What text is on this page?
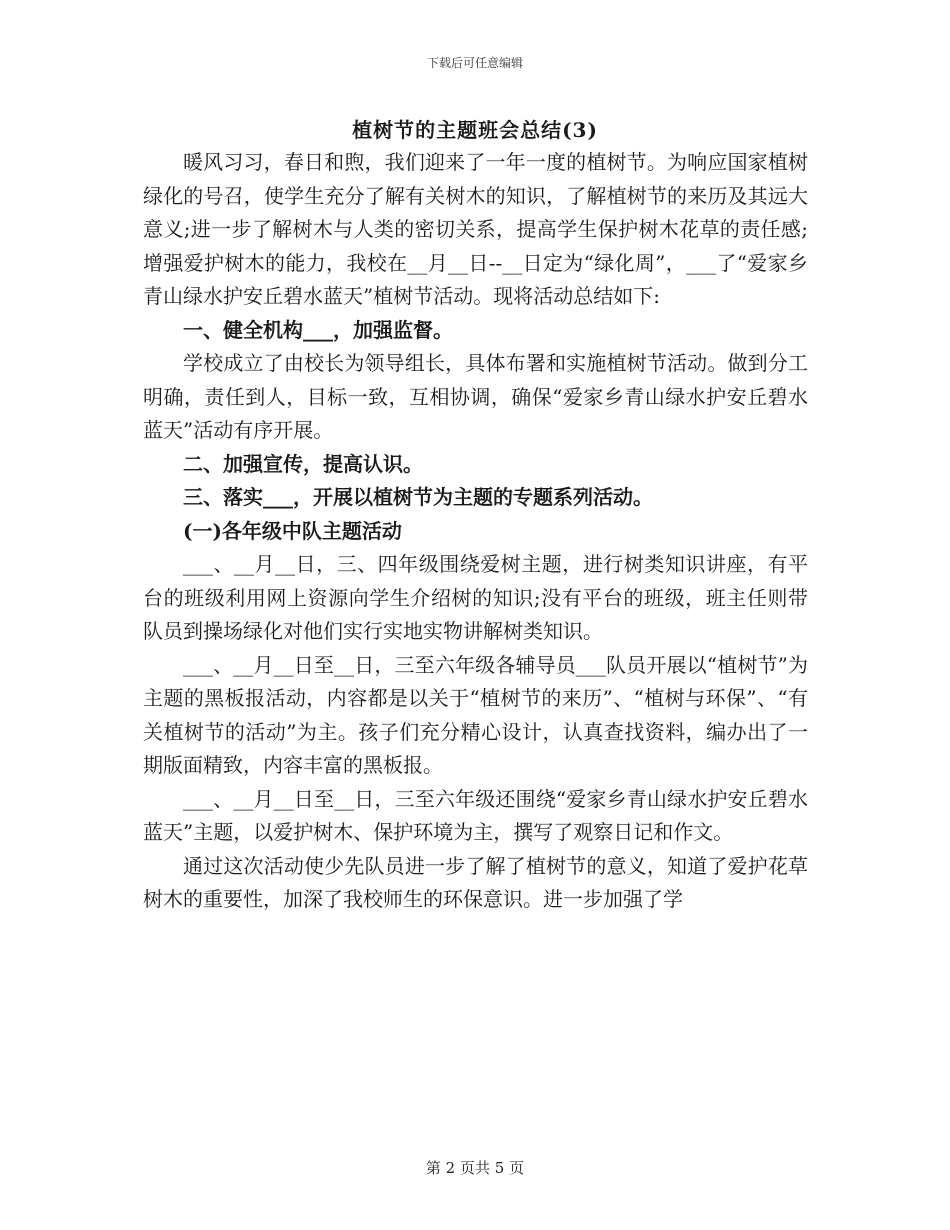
下载后可任意编辑
植树节的主题班会总结(3)

暖风习习，春日和煦，我们迎来了一年一度的植树节。为响应国家植树绿化的号召，使学生充分了解有关树木的知识，了解植树节的来历及其远大意义;进一步了解树木与人类的密切关系，提高学生保护树木花草的责任感;增强爱护树木的能力，我校在__月__日--__日定为“绿化周”，___了“爱家乡青山绿水护安丘碧水蓝天”植树节活动。现将活动总结如下:

一、健全机构___，加强监督。

学校成立了由校长为领导组长，具体布署和实施植树节活动。做到分工明确，责任到人，目标一致，互相协调，确保“爱家乡青山绿水护安丘碧水蓝天”活动有序开展。

二、加强宣传，提高认识。

三、落实___，开展以植树节为主题的专题系列活动。

(一)各年级中队主题活动

___、__月__日，三、四年级围绕爱树主题，进行树类知识讲座，有平台的班级利用网上资源向学生介绍树的知识;没有平台的班级，班主任则带队员到操场绿化对他们实行实地实物讲解树类知识。

___、__月__日至__日，三至六年级各辅导员___队员开展以“植树节”为主题的黑板报活动，内容都是以关于“植树节的来历”、“植树与环保”、“有关植树节的活动”为主。孩子们充分精心设计，认真查找资料，编办出了一期版面精致，内容丰富的黑板报。

___、__月__日至__日，三至六年级还围绕“爱家乡青山绿水护安丘碧水蓝天”主题，以爱护树木、保护环境为主，撰写了观察日记和作文。

通过这次活动使少先队员进一步了解了植树节的意义，知道了爱护花草树木的重要性，加深了我校师生的环保意识。进一步加强了学

第 2 页共 5 页
